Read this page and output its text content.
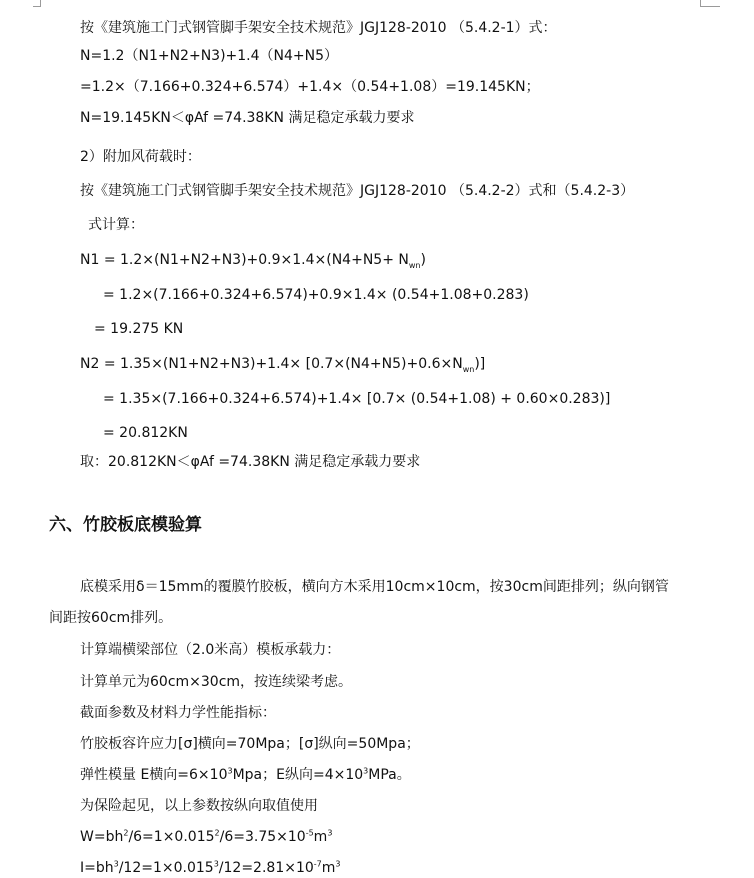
按《建筑施工门式钢管脚手架安全技术规范》JGJ128-2010 （5.4.2-1）式：
N=1.2（N1+N2+N3)+1.4（N4+N5）
=1.2×（7.166+0.324+6.574）+1.4×（0.54+1.08）=19.145KN；
N=19.145KN＜φAf =74.38KN 满足稳定承载力要求
2）附加风荷载时：
按《建筑施工门式钢管脚手架安全技术规范》JGJ128-2010 （5.4.2-2）式和（5.4.2-3）
式计算：
$N1 = 1.2\times(N1+N2+N3)+0.9\times 1.4\times(N4+N5+ N_{wn})$
= 1.2×(7.166+0.324+6.574)+0.9×1.4× (0.54+1.08+0.283)
= 19.275 KN
$N2 = 1.35\times(N1+N2+N3)+1.4\times [0.7\times(N4+N5)+0.6\times N_{wn})$]
= 1.35×(7.166+0.324+6.574)+1.4× [0.7× (0.54+1.08) + 0.60×0.283)]
= 20.812KN
取：20.812KN＜φAf =74.38KN 满足稳定承载力要求
六、竹胶板底模验算
底模采用δ＝15mm的覆膜竹胶板，横向方木采用10cm×10cm，按30cm间距排列；纵向钢管
间距按60cm排列。
计算端横梁部位（2.0米高）模板承载力：
计算单元为60cm×30cm，按连续梁考虑。
截面参数及材料力学性能指标：
竹胶板容许应力[σ]横向=70Mpa；[σ]纵向=50Mpa；
弹性模量 E横向$=6\times 10^3Mpa$；E纵向$=4\times 10^3MPa$。
为保险起见，以上参数按纵向取值使用
$W=bh^2/6=1\times 0.015^2/6=3.75\times 10^{-5}m^3$
$I=bh^3/12=1\times 0.015^3/12=2.81\times 10^{-7}m^3$
